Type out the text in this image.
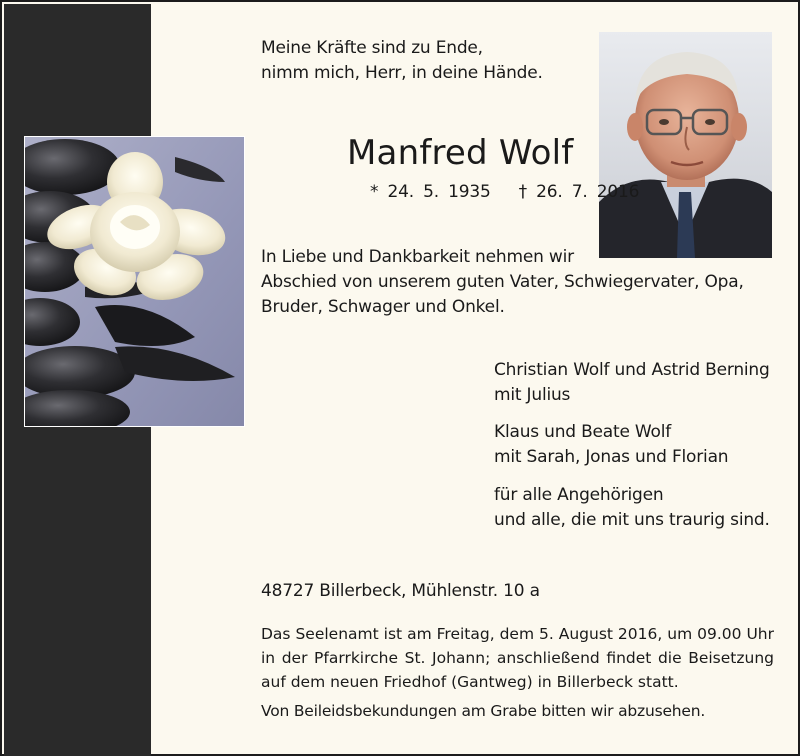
Meine Kräfte sind zu Ende,
nimm mich, Herr, in deine Hände.
Manfred Wolf
* 24. 5. 1935 † 26. 7. 2016
In Liebe und Dankbarkeit nehmen wir
Abschied von unserem guten Vater, Schwiegervater, Opa,
Bruder, Schwager und Onkel.
Christian Wolf und Astrid Berning
mit Julius
Klaus und Beate Wolf
mit Sarah, Jonas und Florian
für alle Angehörigen
und alle, die mit uns traurig sind.
48727 Billerbeck, Mühlenstr. 10 a
Das Seelenamt ist am Freitag, dem 5. August 2016, um 09.00 Uhr
in der Pfarrkirche St. Johann; anschließend findet die Beisetzung
auf dem neuen Friedhof (Gantweg) in Billerbeck statt.
Von Beileidsbekundungen am Grabe bitten wir abzusehen.
